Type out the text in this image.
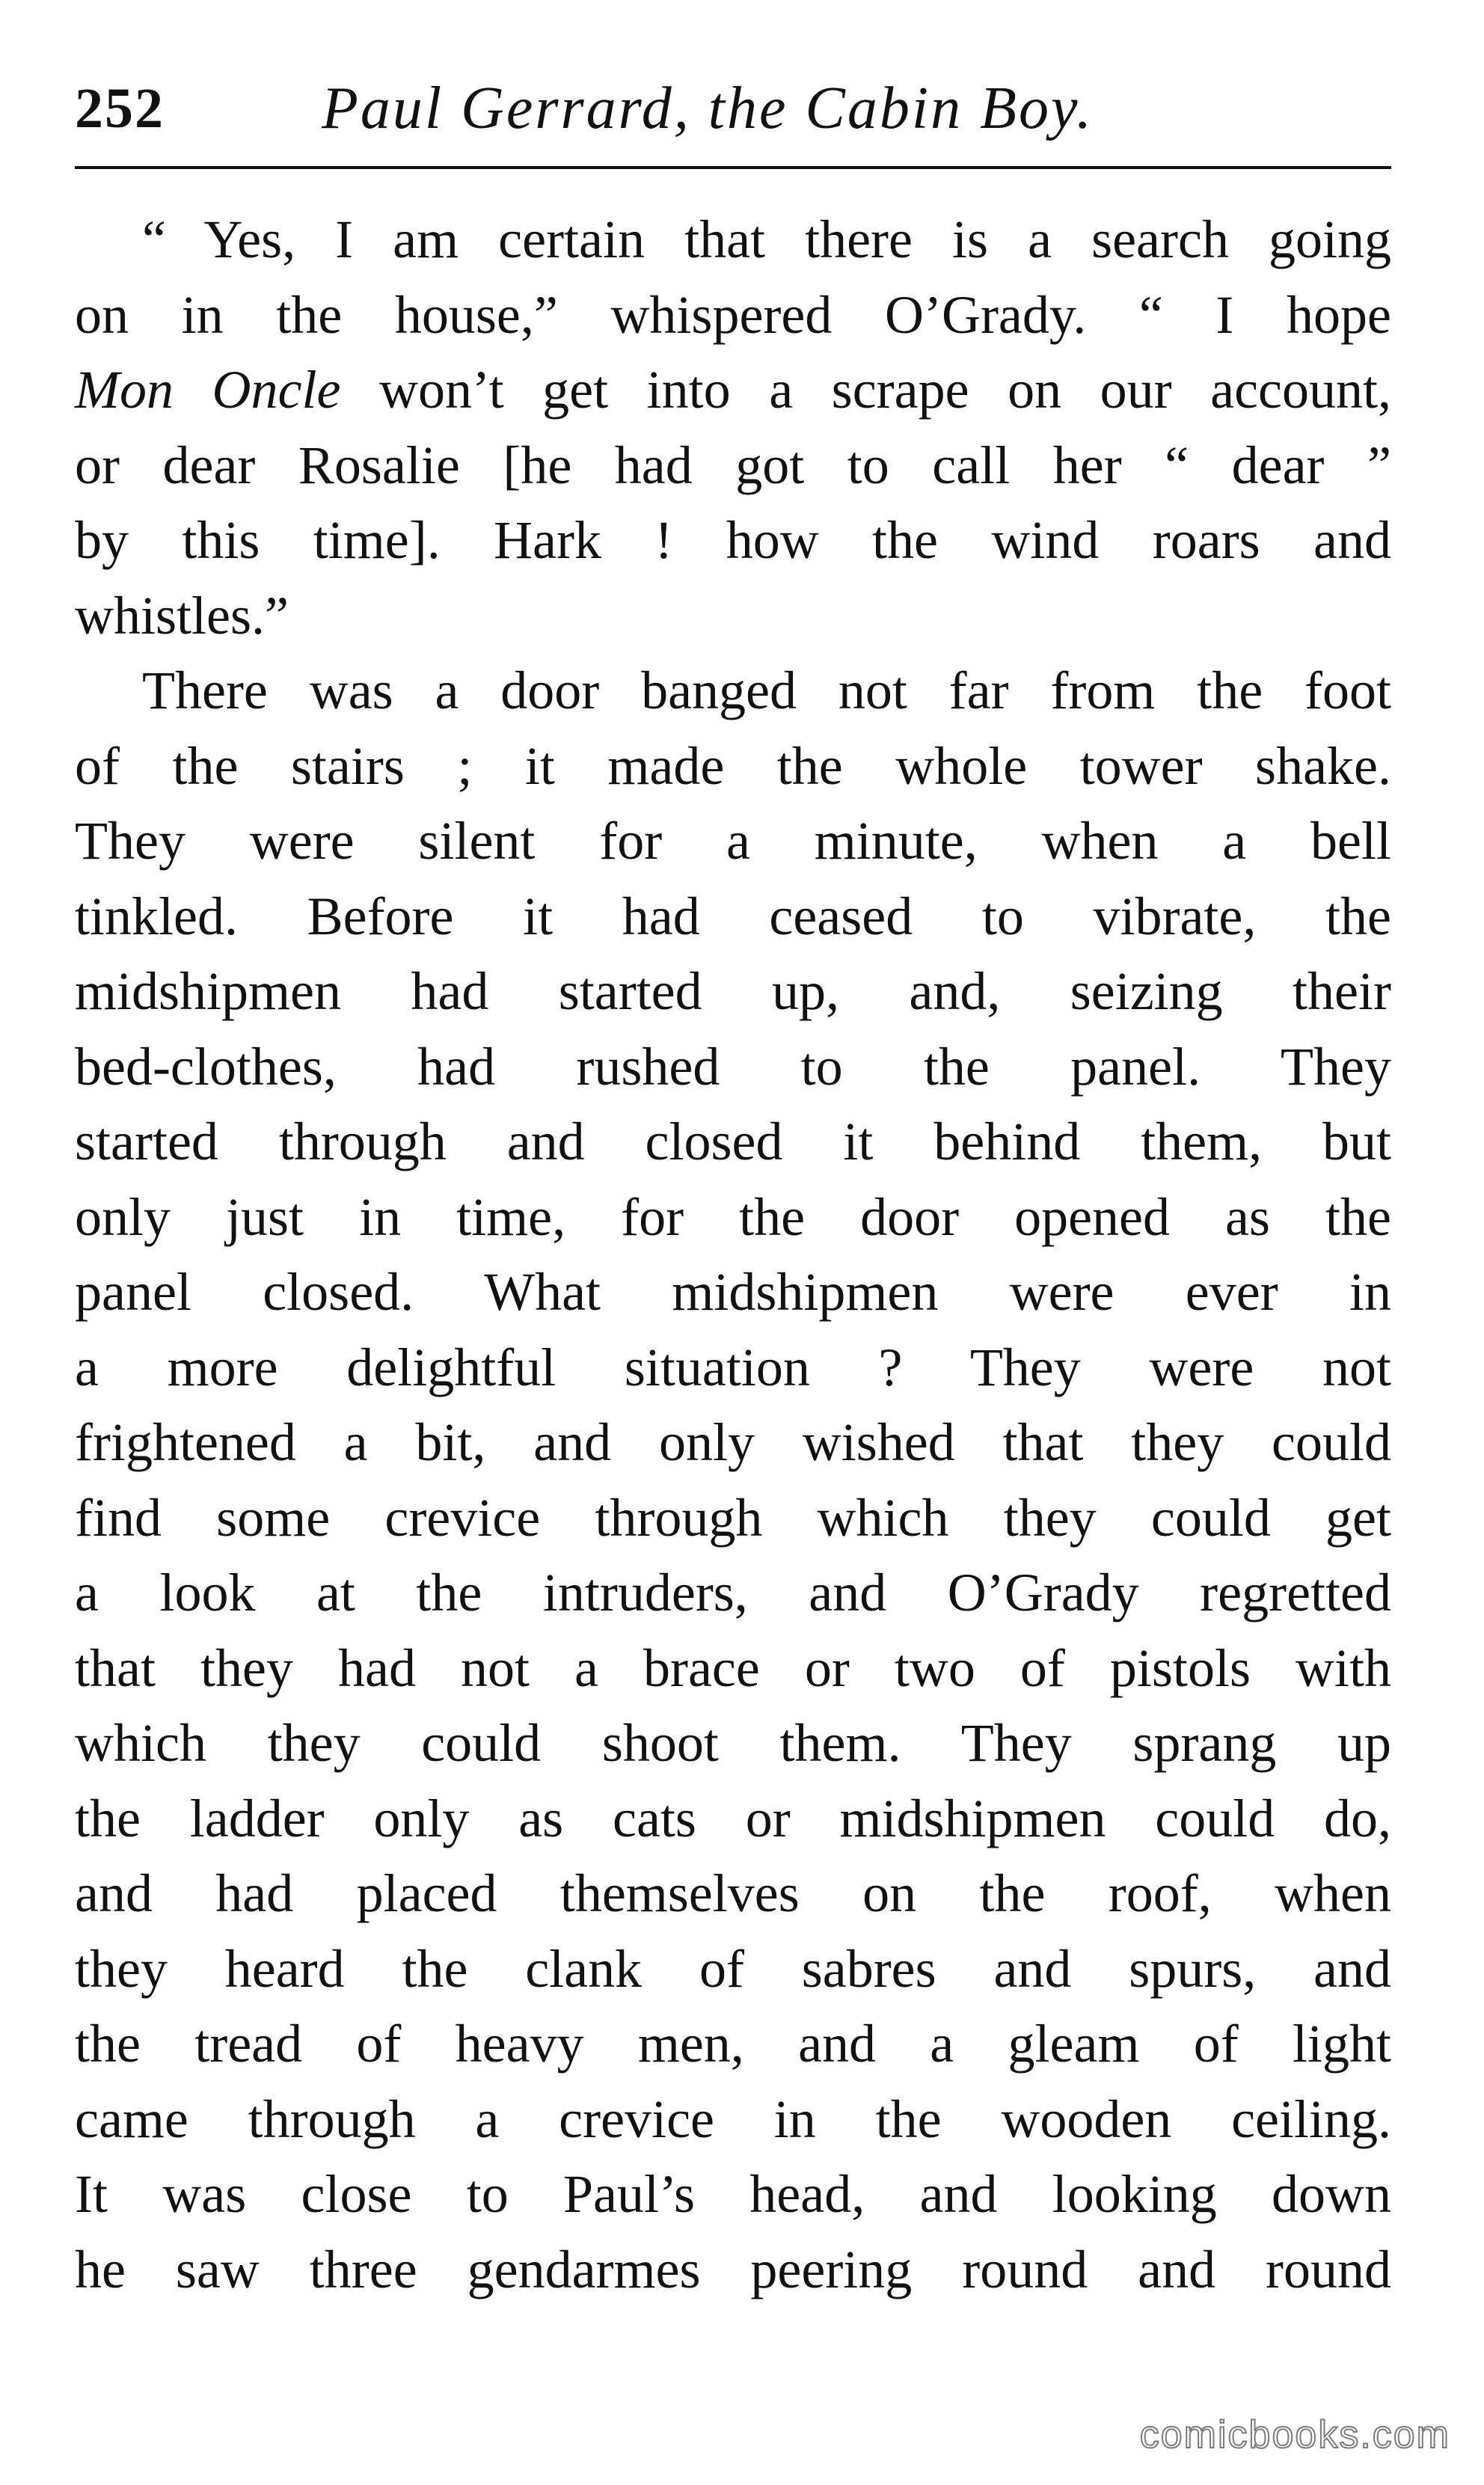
252	Paul Gerrard, the Cabin Boy.
“ Yes, I am certain that there is a search going
on in the house,” whispered O’Grady. “ I hope
Mon Oncle won’t get into a scrape on our account,
or dear Rosalie [he had got to call her “ dear ”
by this time]. Hark ! how the wind roars and
whistles.”
There was a door banged not far from the foot
of the stairs ; it made the whole tower shake.
They were silent for a minute, when a bell
tinkled. Before it had ceased to vibrate, the
midshipmen had started up, and, seizing their
bed-clothes, had rushed to the panel. They
started through and closed it behind them, but
only just in time, for the door opened as the
panel closed. What midshipmen were ever in
a more delightful situation ? They were not
frightened a bit, and only wished that they could
find some crevice through which they could get
a look at the intruders, and O’Grady regretted
that they had not a brace or two of pistols with
which they could shoot them. They sprang up
the ladder only as cats or midshipmen could do,
and had placed themselves on the roof, when
they heard the clank of sabres and spurs, and
the tread of heavy men, and a gleam of light
came through a crevice in the wooden ceiling.
It was close to Paul’s head, and looking down
he saw three gendarmes peering round and round
comicbooks.com
